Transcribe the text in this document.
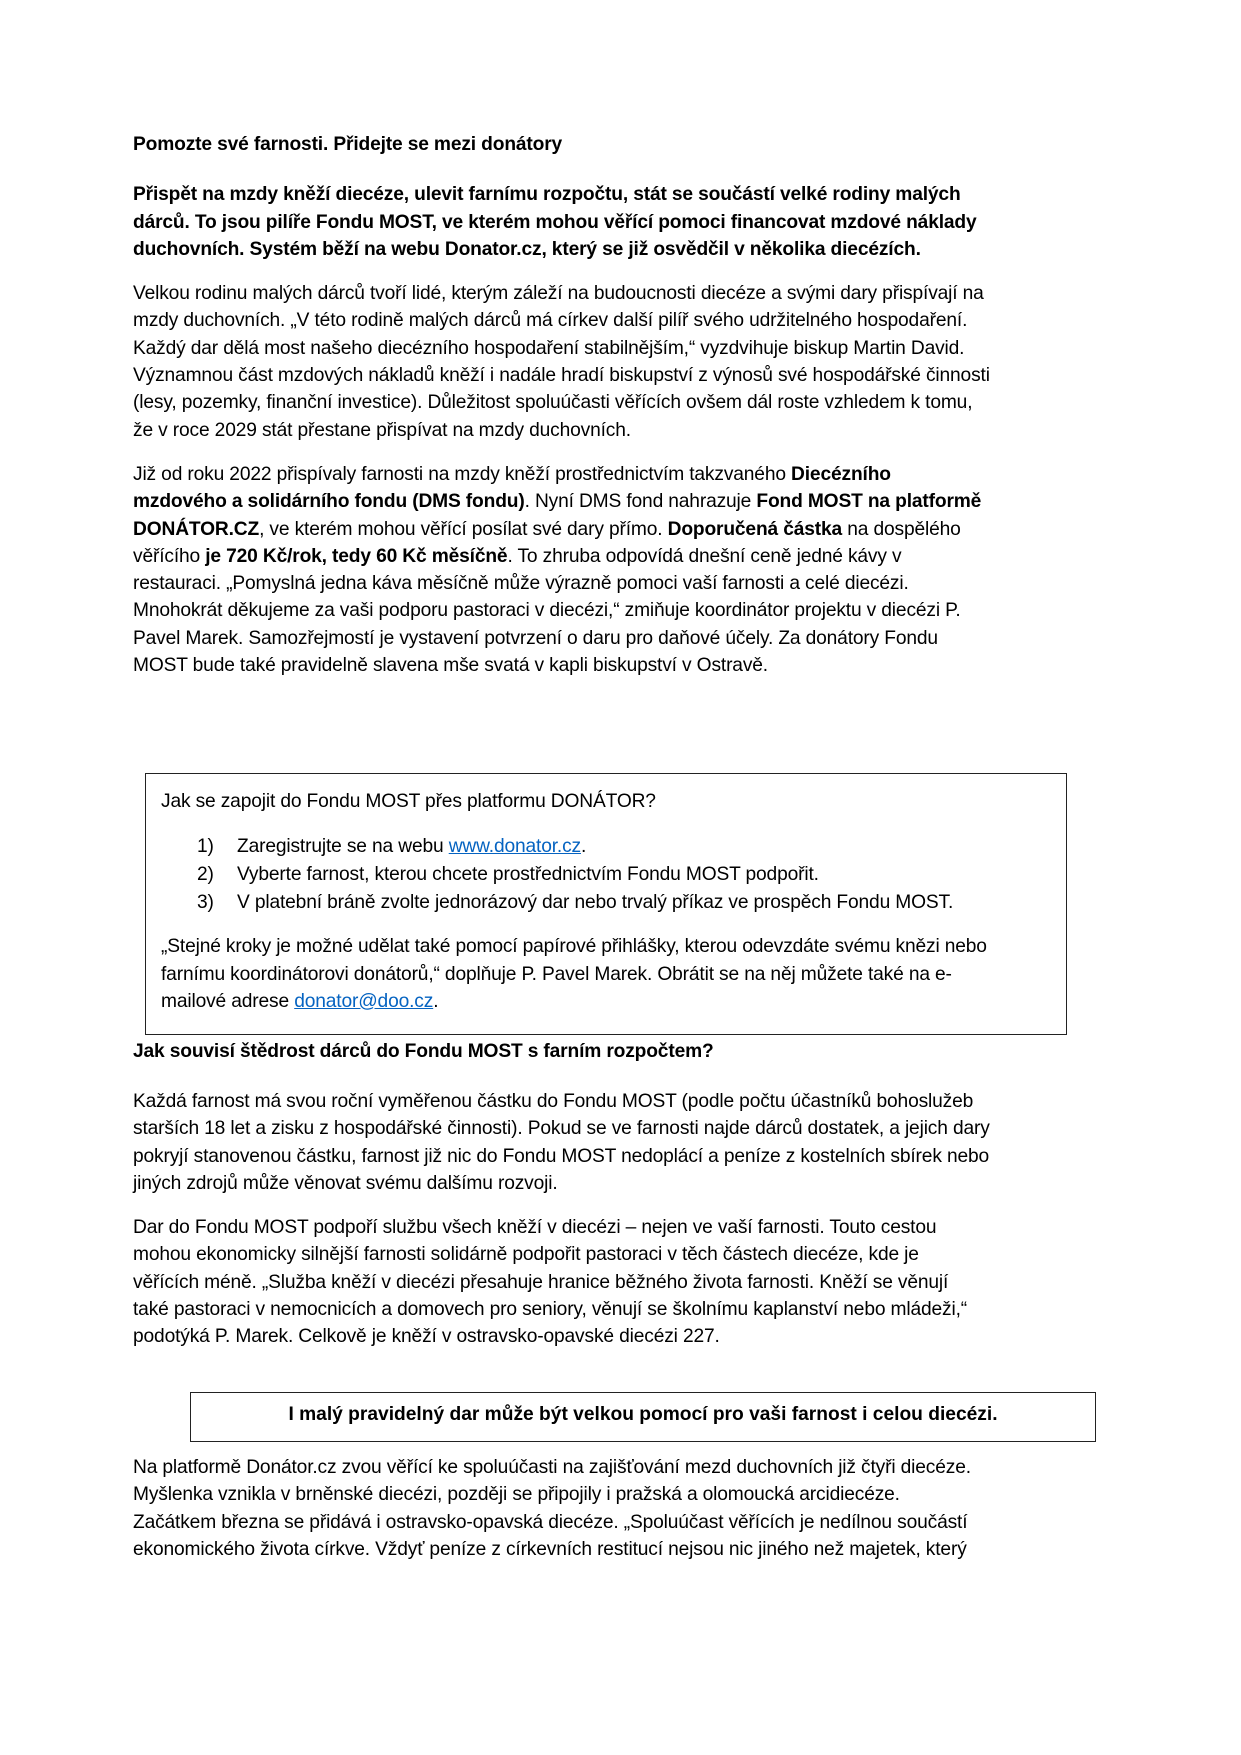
Pomozte své farnosti. Přidejte se mezi donátory

Přispět na mzdy kněží diecéze, ulevit farnímu rozpočtu, stát se součástí velké rodiny malých dárců. To jsou pilíře Fondu MOST, ve kterém mohou věřící pomoci financovat mzdové náklady duchovních. Systém běží na webu Donator.cz, který se již osvědčil v několika diecézích.

Velkou rodinu malých dárců tvoří lidé, kterým záleží na budoucnosti diecéze a svými dary přispívají na mzdy duchovních. „V této rodině malých dárců má církev další pilíř svého udržitelného hospodaření. Každý dar dělá most našeho diecézního hospodaření stabilnějším,“ vyzdvihuje biskup Martin David. Významnou část mzdových nákladů kněží i nadále hradí biskupství z výnosů své hospodářské činnosti (lesy, pozemky, finanční investice). Důležitost spoluúčasti věřících ovšem dál roste vzhledem k tomu, že v roce 2029 stát přestane přispívat na mzdy duchovních.

Již od roku 2022 přispívaly farnosti na mzdy kněží prostřednictvím takzvaného Diecézního mzdového a solidárního fondu (DMS fondu). Nyní DMS fond nahrazuje Fond MOST na platformě DONÁTOR.CZ, ve kterém mohou věřící posílat své dary přímo. Doporučená částka na dospělého věřícího je 720 Kč/rok, tedy 60 Kč měsíčně. To zhruba odpovídá dnešní ceně jedné kávy v restauraci. „Pomyslná jedna káva měsíčně může výrazně pomoci vaší farnosti a celé diecézi. Mnohokrát děkujeme za vaši podporu pastoraci v diecézi,“ zmiňuje koordinátor projektu v diecézi P. Pavel Marek. Samozřejmostí je vystavení potvrzení o daru pro daňové účely. Za donátory Fondu MOST bude také pravidelně slavena mše svatá v kapli biskupství v Ostravě.

Jak se zapojit do Fondu MOST přes platformu DONÁTOR?

1)	Zaregistrujte se na webu www.donator.cz.
2)	Vyberte farnost, kterou chcete prostřednictvím Fondu MOST podpořit.
3)	V platební bráně zvolte jednorázový dar nebo trvalý příkaz ve prospěch Fondu MOST.

„Stejné kroky je možné udělat také pomocí papírové přihlášky, kterou odevzdáte svému knězi nebo farnímu koordinátorovi donátorů,“ doplňuje P. Pavel Marek. Obrátit se na něj můžete také na e-mailové adrese donator@doo.cz.

Jak souvisí štědrost dárců do Fondu MOST s farním rozpočtem?

Každá farnost má svou roční vyměřenou částku do Fondu MOST (podle počtu účastníků bohoslužeb starších 18 let a zisku z hospodářské činnosti). Pokud se ve farnosti najde dárců dostatek, a jejich dary pokryjí stanovenou částku, farnost již nic do Fondu MOST nedoplácí a peníze z kostelních sbírek nebo jiných zdrojů může věnovat svému dalšímu rozvoji.

Dar do Fondu MOST podpoří službu všech kněží v diecézi – nejen ve vaší farnosti. Touto cestou mohou ekonomicky silnější farnosti solidárně podpořit pastoraci v těch částech diecéze, kde je věřících méně. „Služba kněží v diecézi přesahuje hranice běžného života farnosti. Kněží se věnují také pastoraci v nemocnicích a domovech pro seniory, věnují se školnímu kaplanství nebo mládeži,“ podotýká P. Marek. Celkově je kněží v ostravsko-opavské diecézi 227.

I malý pravidelný dar může být velkou pomocí pro vaši farnost i celou diecézi.

Na platformě Donátor.cz zvou věřící ke spoluúčasti na zajišťování mezd duchovních již čtyři diecéze. Myšlenka vznikla v brněnské diecézi, později se připojily i pražská a olomoucká arcidiecéze. Začátkem března se přidává i ostravsko-opavská diecéze. „Spoluúčast věřících je nedílnou součástí ekonomického života církve. Vždyť peníze z církevních restitucí nejsou nic jiného než majetek, který
